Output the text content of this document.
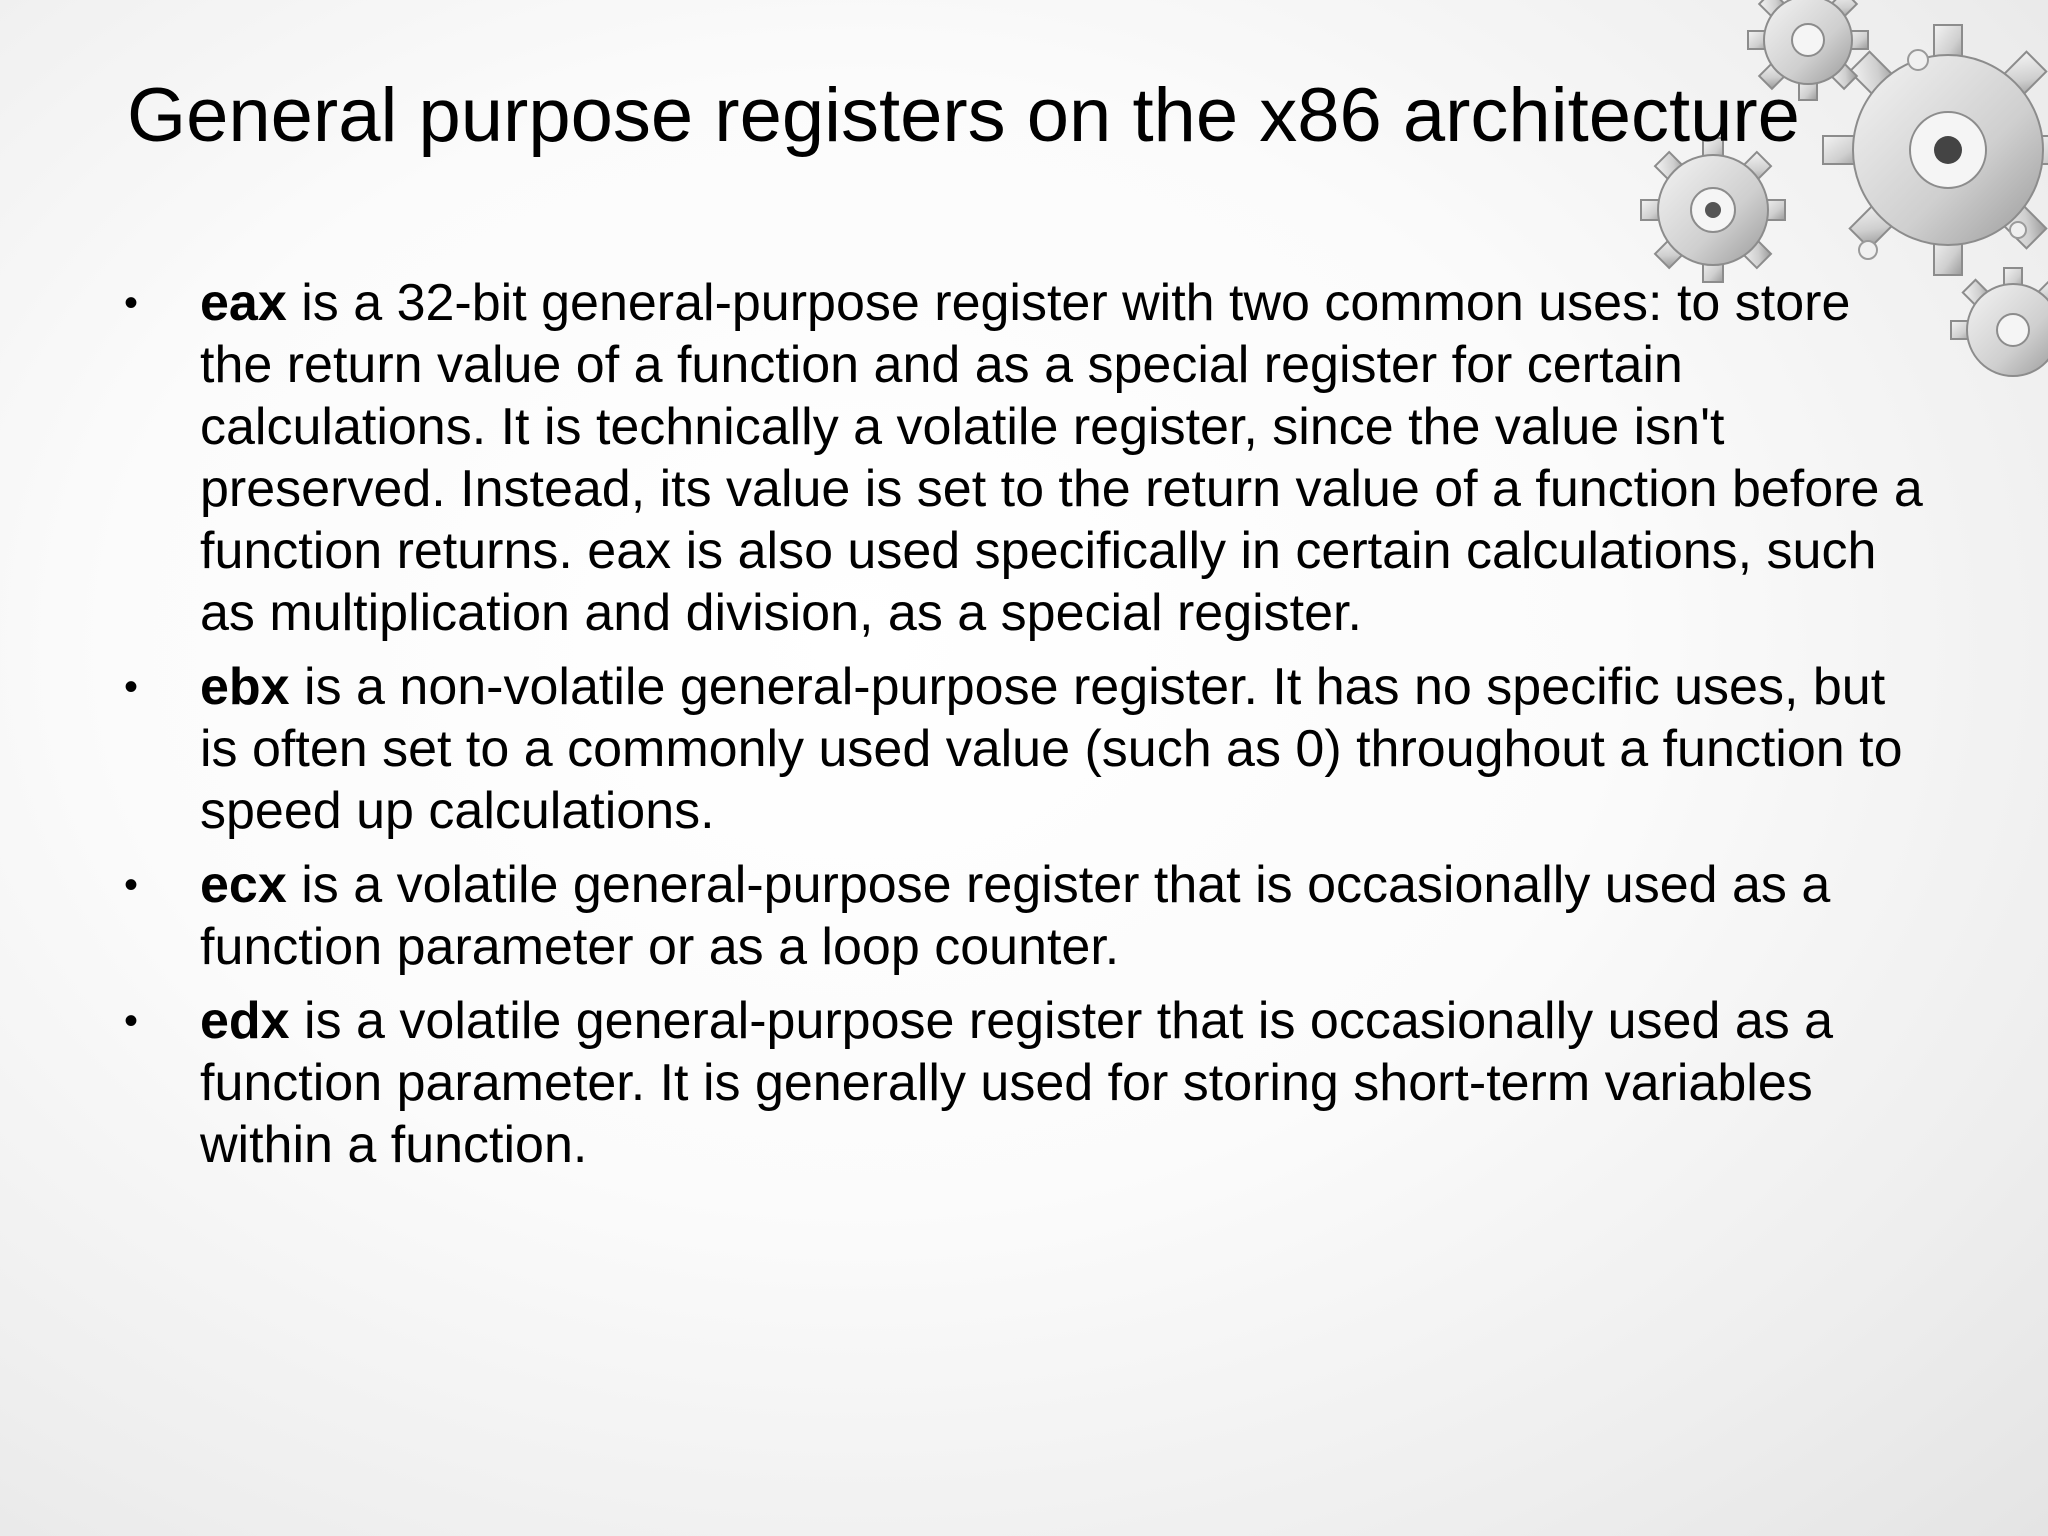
General purpose registers on the x86 architecture
• eax is a 32-bit general-purpose register with two common uses: to store the return value of a function and as a special register for certain calculations. It is technically a volatile register, since the value isn't preserved. Instead, its value is set to the return value of a function before a function returns. eax is also used specifically in certain calculations, such as multiplication and division, as a special register.
• ebx is a non-volatile general-purpose register. It has no specific uses, but is often set to a commonly used value (such as 0) throughout a function to speed up calculations.
• ecx is a volatile general-purpose register that is occasionally used as a function parameter or as a loop counter.
• edx is a volatile general-purpose register that is occasionally used as a function parameter. It is generally used for storing short-term variables within a function.
